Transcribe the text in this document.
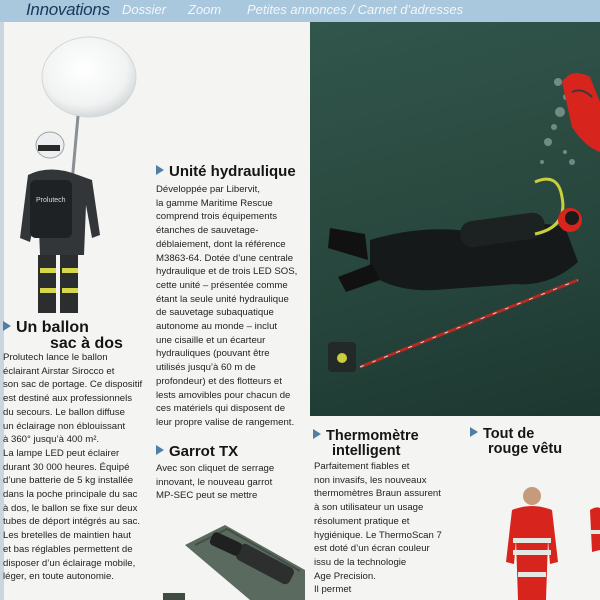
Innovations Dossier Zoom Petites annonces / Carnet d’adresses
Prolutech
Un ballon
sac à dos
Prolutech lance le ballon
éclairant Airstar Sirocco et
son sac de portage. Ce dispositif
est destiné aux professionnels
du secours. Le ballon diffuse
un éclairage non éblouissant
à 360° jusqu’à 400 m².
La lampe LED peut éclairer
durant 30 000 heures. Équipé
d’une batterie de 5 kg installée
dans la poche principale du sac
à dos, le ballon se fixe sur deux
tubes de déport intégrés au sac.
Les bretelles de maintien haut
et bas réglables permettent de
disposer d’un éclairage mobile,
léger, en toute autonomie.
Unité hydraulique
Développée par Libervit,
la gamme Maritime Rescue
comprend trois équipements
étanches de sauvetage-
déblaiement, dont la référence
M3863-64. Dotée d’une centrale
hydraulique et de trois LED SOS,
cette unité – présentée comme
étant la seule unité hydraulique
de sauvetage subaquatique
autonome au monde – inclut
une cisaille et un écarteur
hydrauliques (pouvant être
utilisés jusqu’à 60 m de
profondeur) et des flotteurs et
lests amovibles pour chacun de
ces matériels qui disposent de
leur propre valise de rangement.
Garrot TX
Avec son cliquet de serrage
innovant, le nouveau garrot
MP-SEC peut se mettre
Thermomètre
intelligent
Parfaitement fiables et
non invasifs, les nouveaux
thermomètres Braun assurent
à son utilisateur un usage
résolument pratique et
hygiénique. Le ThermoScan 7
est doté d’un écran couleur
issu de la technologie
Age Precision.
Il permet
Tout de
rouge vêtu
